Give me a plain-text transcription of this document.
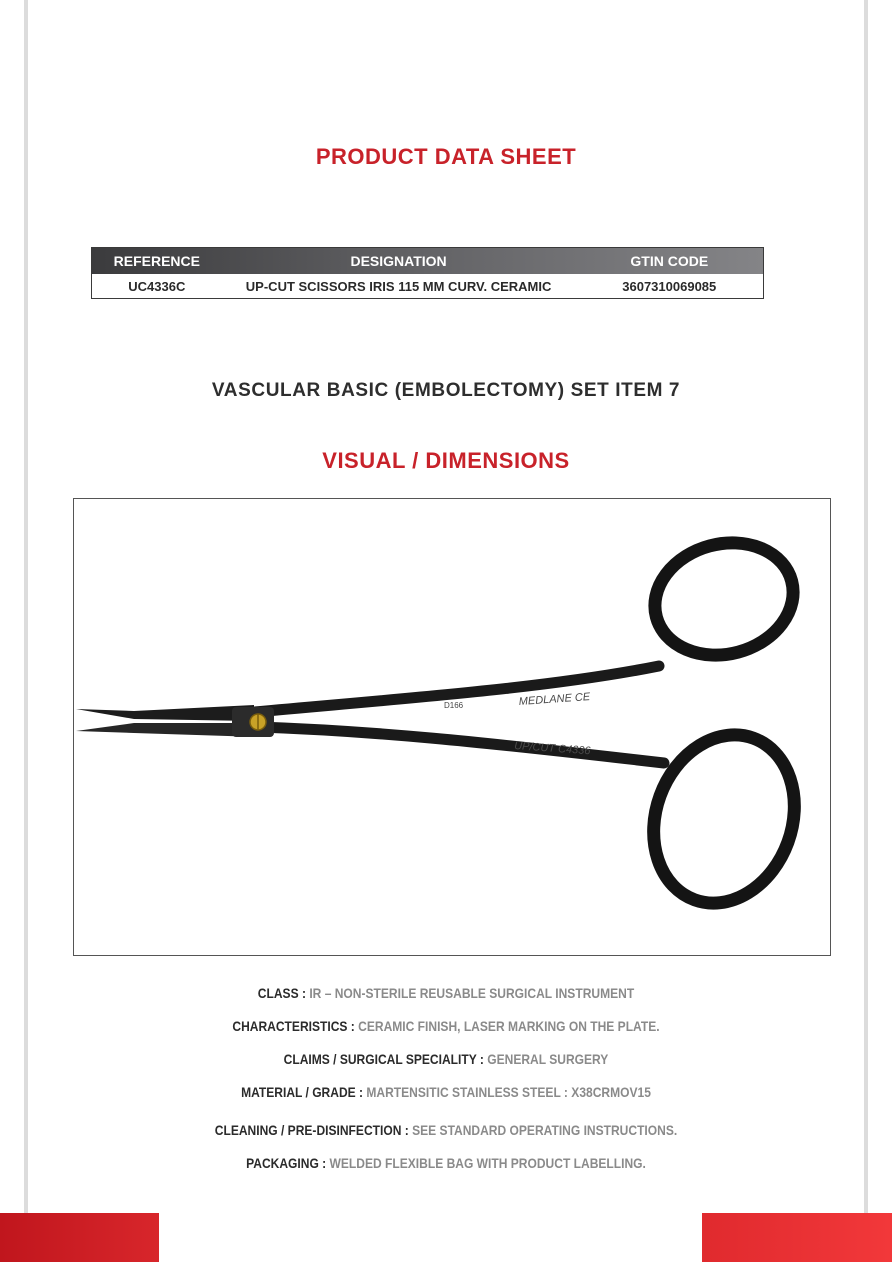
PRODUCT DATA SHEET
REFERENCE	DESIGNATION	GTIN CODE
UC4336C	UP-CUT SCISSORS IRIS 115 MM CURV. CERAMIC	3607310069085
VASCULAR BASIC (EMBOLECTOMY) SET ITEM 7
VISUAL / DIMENSIONS
D166	MEDLANE CE
UP/CUT C4336
CLASS : IR – NON-STERILE REUSABLE SURGICAL INSTRUMENT
CHARACTERISTICS : CERAMIC FINISH, LASER MARKING ON THE PLATE.
CLAIMS / SURGICAL SPECIALITY : GENERAL SURGERY
MATERIAL / GRADE : MARTENSITIC STAINLESS STEEL : X38CRMOV15
CLEANING / PRE-DISINFECTION : SEE STANDARD OPERATING INSTRUCTIONS.
PACKAGING : WELDED FLEXIBLE BAG WITH PRODUCT LABELLING.
